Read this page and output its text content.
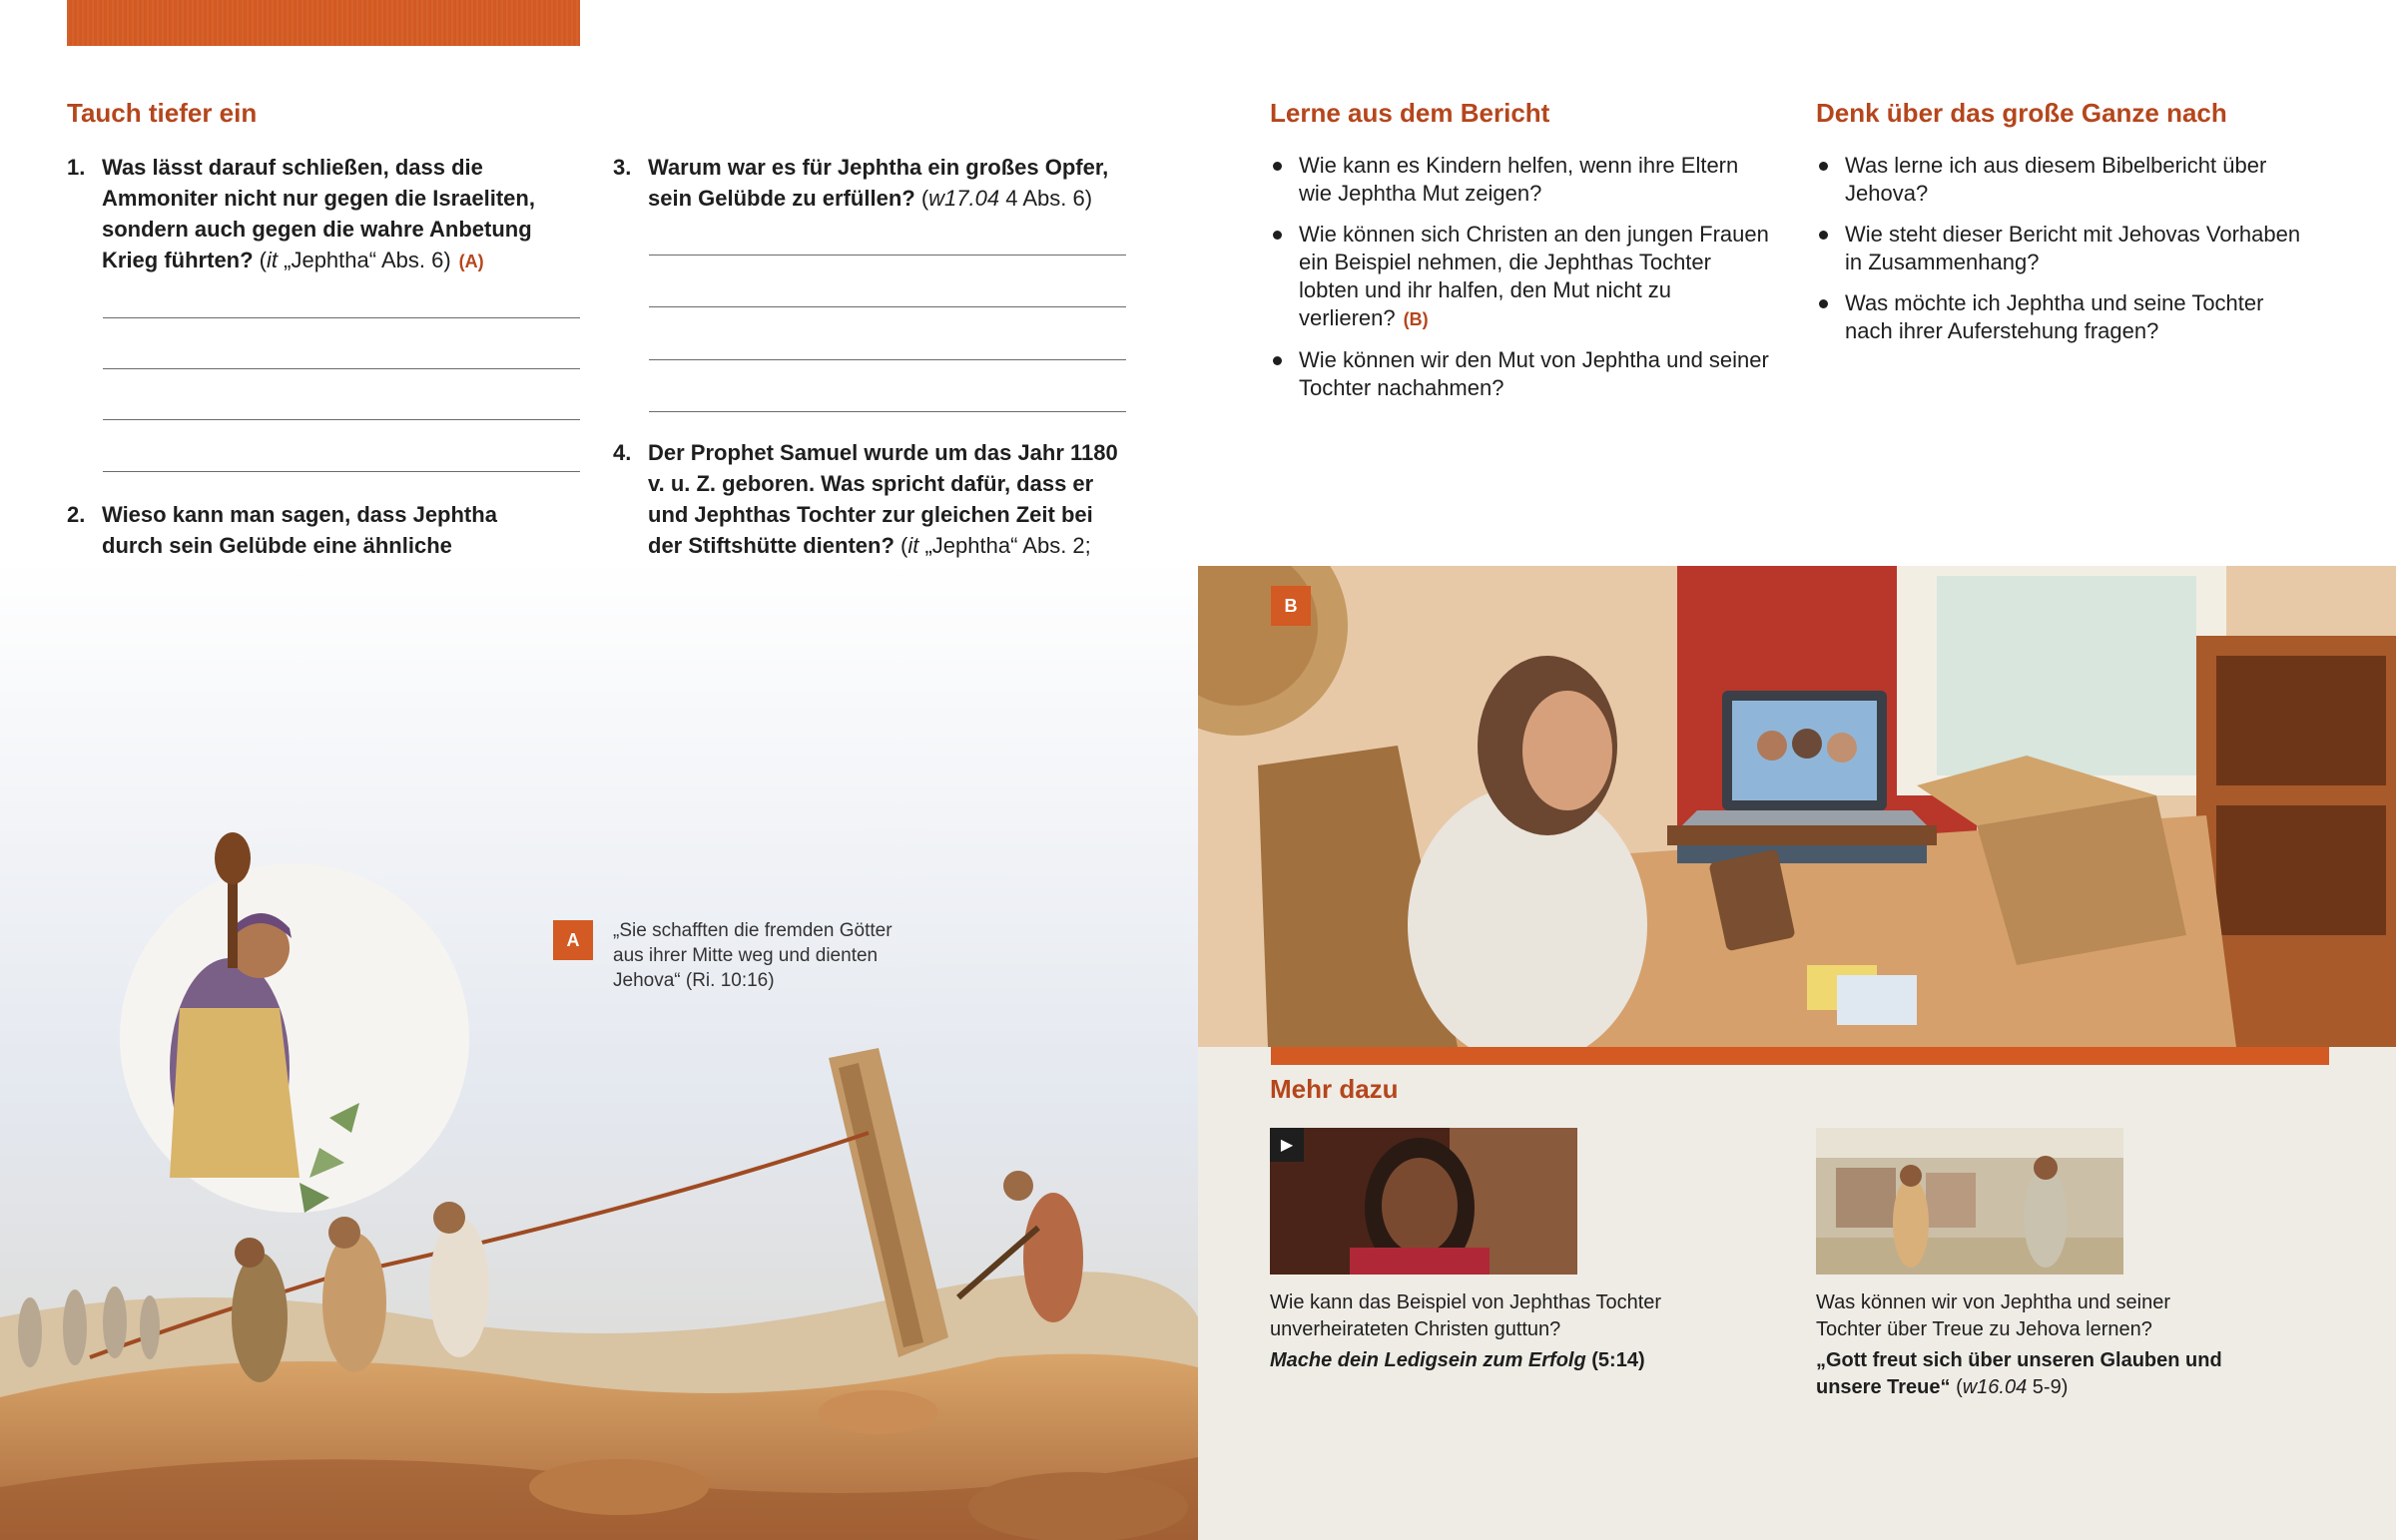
Tauch tiefer ein
1. Was lässt darauf schließen, dass die Ammoniter nicht nur gegen die Israeliten, sondern auch gegen die wahre Anbetung Krieg führten? (it „Jephtha“ Abs. 6) (A)
2. Wieso kann man sagen, dass Jephtha durch sein Gelübde eine ähnliche
3. Warum war es für Jephtha ein großes Opfer, sein Gelübde zu erfüllen? (w17.04 4 Abs. 6)
4. Der Prophet Samuel wurde um das Jahr 1180 v. u. Z. geboren. Was spricht dafür, dass er und Jephthas Tochter zur gleichen Zeit bei der Stiftshütte dienten? (it „Jephtha“ Abs. 2;
Lerne aus dem Bericht
Wie kann es Kindern helfen, wenn ihre Eltern wie Jephtha Mut zeigen?
Wie können sich Christen an den jungen Frauen ein Beispiel nehmen, die Jephthas Tochter lobten und ihr halfen, den Mut nicht zu verlieren? (B)
Wie können wir den Mut von Jephtha und seiner Tochter nachahmen?
Denk über das große Ganze nach
Was lerne ich aus diesem Bibelbericht über Jehova?
Wie steht dieser Bericht mit Jehovas Vorhaben in Zusammenhang?
Was möchte ich Jephtha und seine Tochter nach ihrer Auferstehung fragen?
A	„Sie schafften die fremden Götter
aus ihrer Mitte weg und dienten
Jehova“ (Ri. 10:16)
B
Mehr dazu
▶
Wie kann das Beispiel von Jephthas Tochter unverheirateten Christen guttun?
Mache dein Ledigsein zum Erfolg (5:14)
Was können wir von Jephtha und seiner Tochter über Treue zu Jehova lernen?
„Gott freut sich über unseren Glauben und unsere Treue“ (w16.04 5-9)
